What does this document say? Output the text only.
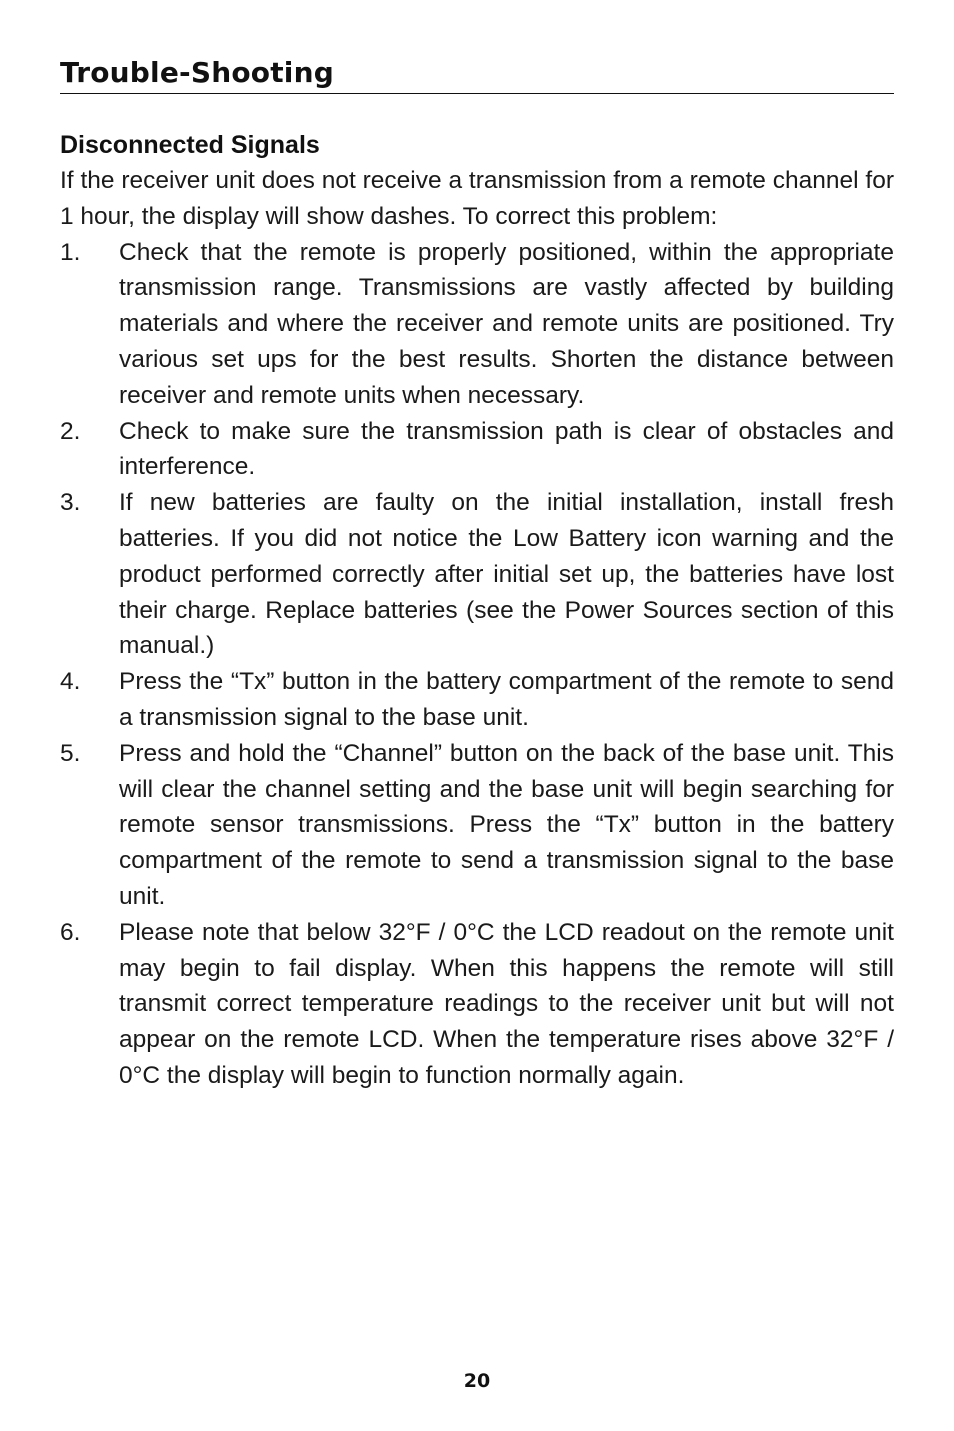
Trouble-Shooting
Disconnected Signals

If the receiver unit does not receive a transmission from a remote channel for 1 hour, the display will show dashes. To correct this problem:

1.	Check that the remote is properly positioned, within the appropriate transmission range. Transmissions are vastly affected by building materials and where the receiver and remote units are positioned. Try various set ups for the best results. Shorten the distance between receiver and remote units when necessary.
2.	Check to make sure the transmission path is clear of obstacles and interference.
3.	If new batteries are faulty on the initial installation, install fresh batteries. If you did not notice the Low Battery icon warning and the product performed correctly after initial set up, the batteries have lost their charge. Replace batteries (see the Power Sources section of this manual.)
4.	Press the “Tx” button in the battery compartment of the remote to send a transmission signal to the base unit.
5.	Press and hold the “Channel” button on the back of the base unit. This will clear the channel setting and the base unit will begin searching for remote sensor transmissions. Press the “Tx” button in the battery compartment of the remote to send a transmission signal to the base unit.
6.	Please note that below 32°F / 0°C the LCD readout on the remote unit may begin to fail display. When this happens the remote will still transmit correct temperature readings to the receiver unit but will not appear on the remote LCD. When the temperature rises above 32°F / 0°C the display will begin to function normally again.
20
